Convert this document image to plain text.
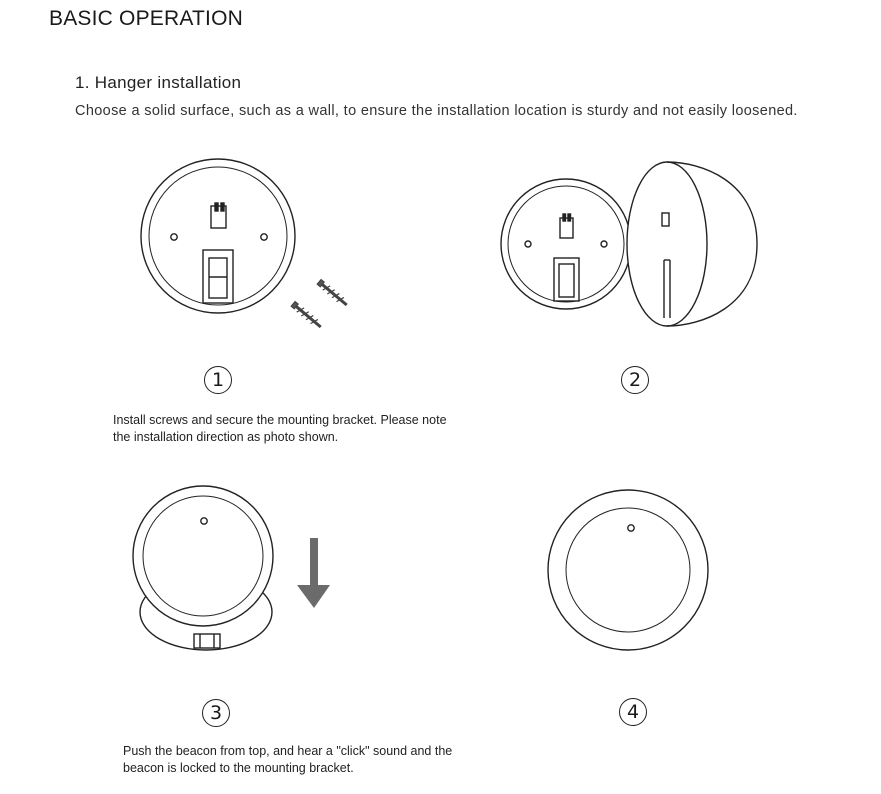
BASIC OPERATION
1. Hanger installation
Choose a solid surface, such as a wall, to ensure the installation location is sturdy and not easily loosened.
1	2
Install screws and secure the mounting bracket. Please note
the installation direction as photo shown.
3	4
Push the beacon from top, and hear a "click" sound and the
beacon is locked to the mounting bracket.
